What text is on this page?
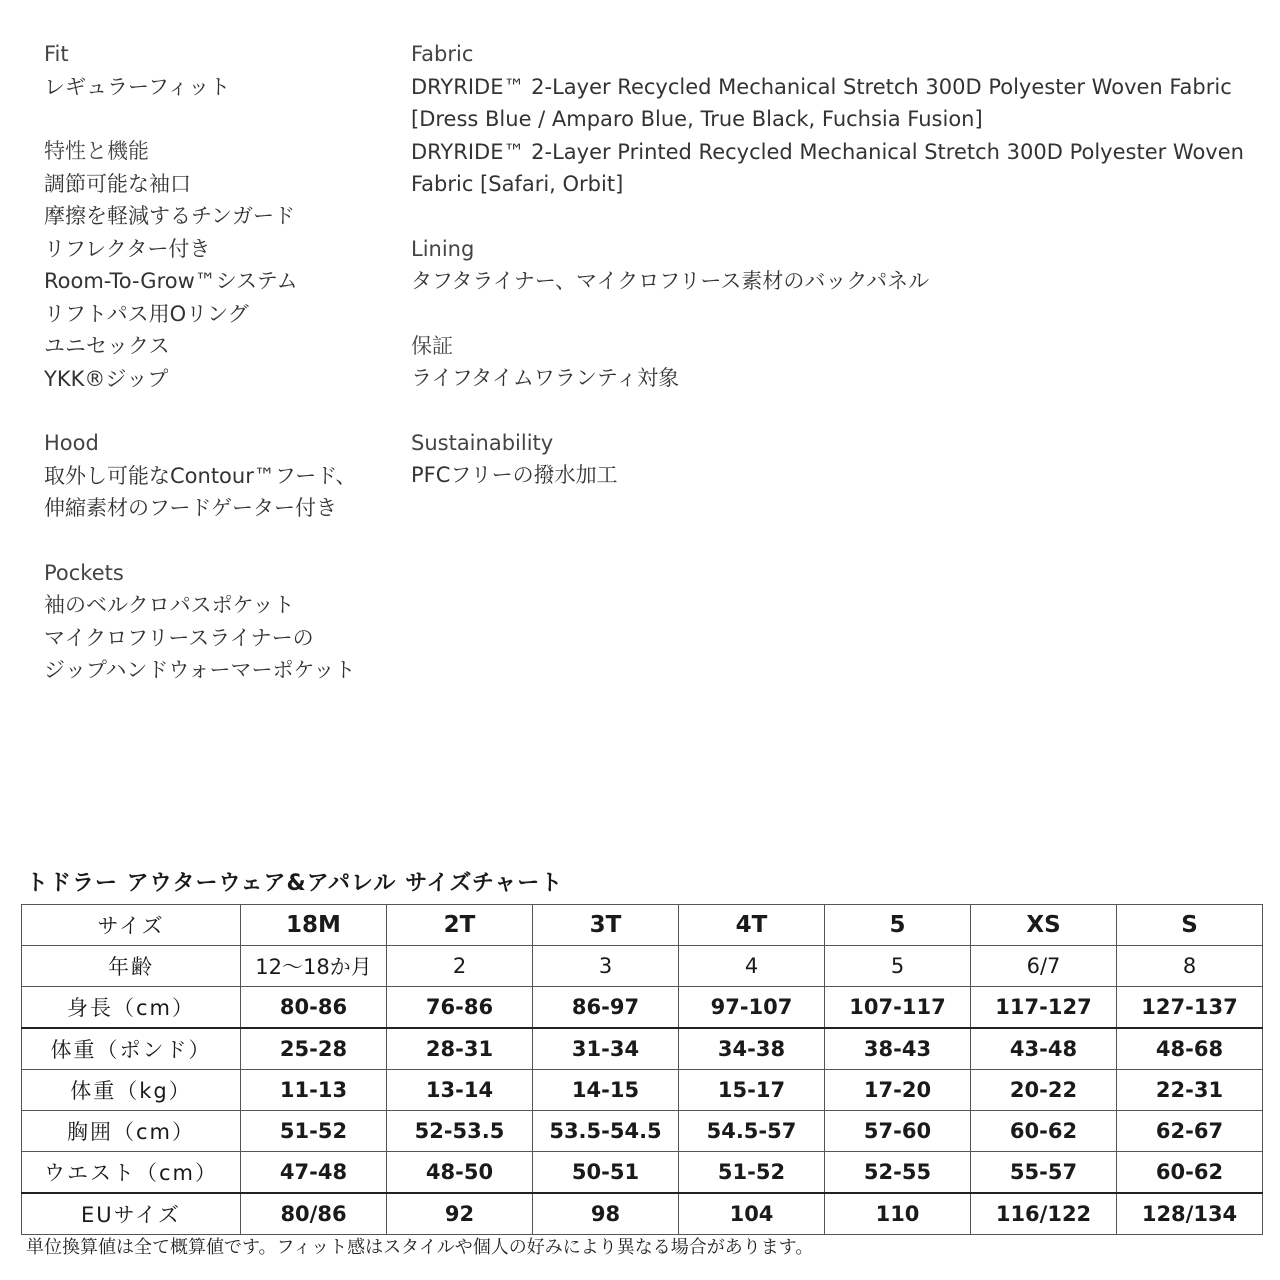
Fit
レギュラーフィット
特性と機能
調節可能な袖口
摩擦を軽減するチンガード
リフレクター付き
Room-To-Grow™システム
リフトパス用Oリング
ユニセックス
YKK®ジップ
Hood
取外し可能なContour™フード、
伸縮素材のフードゲーター付き
Pockets
袖のベルクロパスポケット
マイクロフリースライナーの
ジップハンドウォーマーポケット
Fabric
DRYRIDE™ 2-Layer Recycled Mechanical Stretch 300D Polyester Woven Fabric [Dress Blue / Amparo Blue, True Black, Fuchsia Fusion]
DRYRIDE™ 2-Layer Printed Recycled Mechanical Stretch 300D Polyester Woven Fabric [Safari, Orbit]
Lining
タフタライナー、マイクロフリース素材のバックパネル
保証
ライフタイムワランティ対象
Sustainability
PFCフリーの撥水加工
トドラー アウターウェア&アパレル サイズチャート
サイズ	18M	2T	3T	4T	5	XS	S
年齢	12～18か月	2	3	4	5	6/7	8
身長（cm）	80-86	76-86	86-97	97-107	107-117	117-127	127-137
体重（ポンド）	25-28	28-31	31-34	34-38	38-43	43-48	48-68
体重（kg）	11-13	13-14	14-15	15-17	17-20	20-22	22-31
胸囲（cm）	51-52	52-53.5	53.5-54.5	54.5-57	57-60	60-62	62-67
ウエスト（cm）	47-48	48-50	50-51	51-52	52-55	55-57	60-62
EUサイズ	80/86	92	98	104	110	116/122	128/134
単位換算値は全て概算値です。フィット感はスタイルや個人の好みにより異なる場合があります。
